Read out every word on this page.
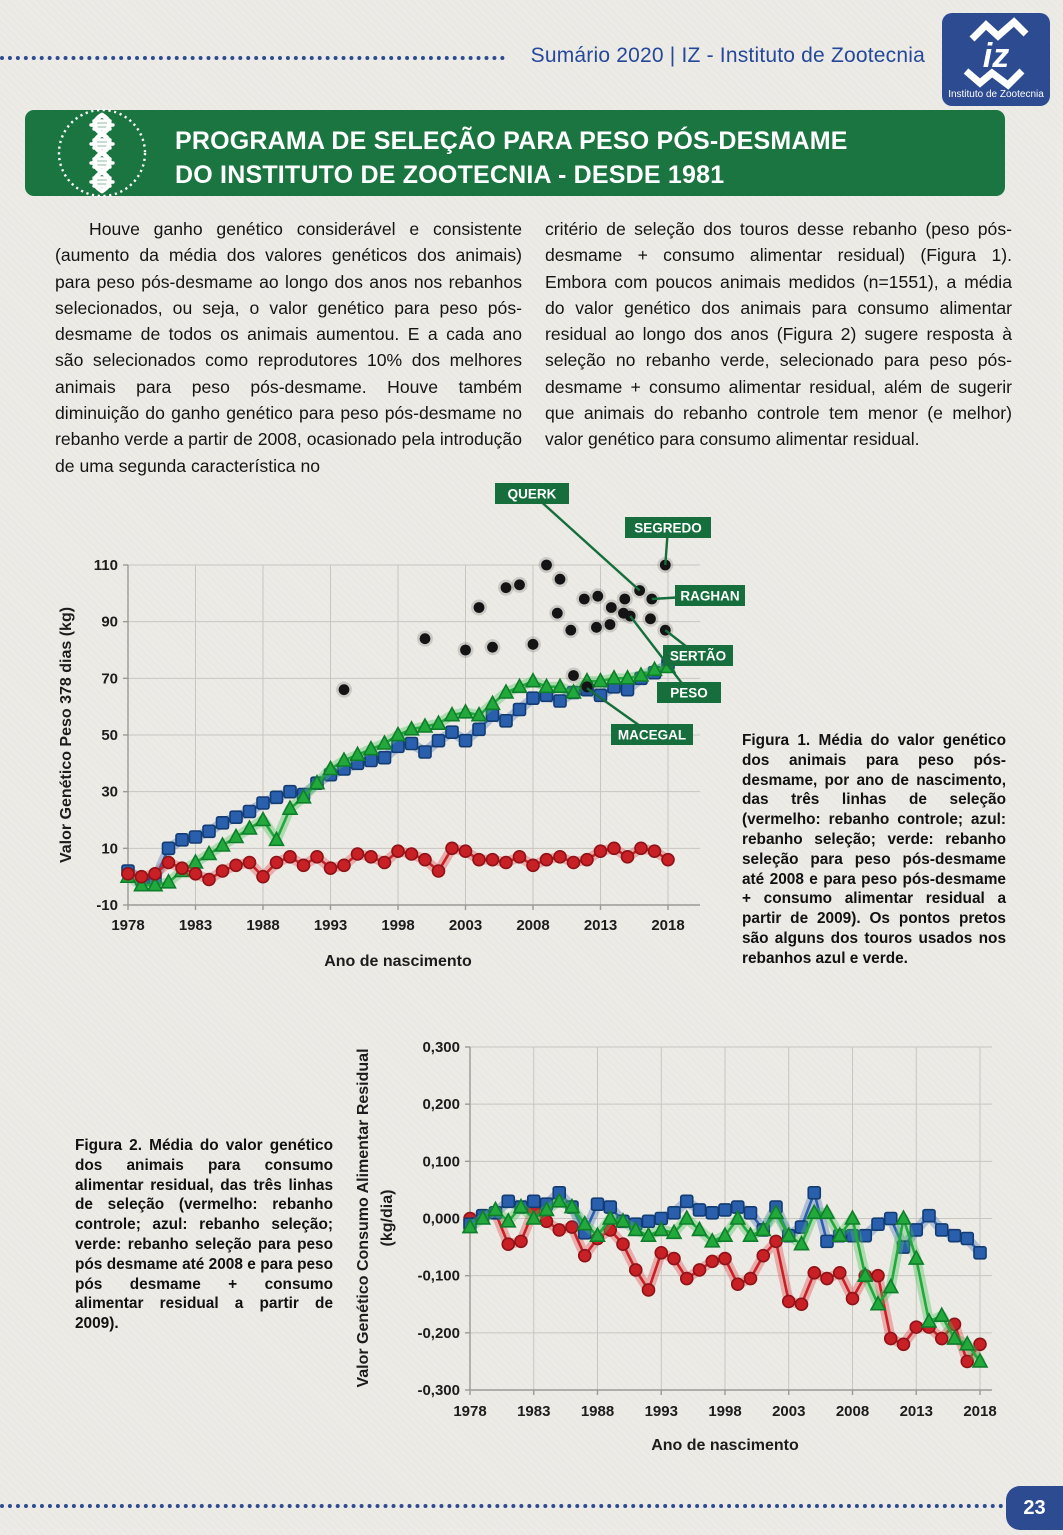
Sumário 2020 | IZ - Instituto de Zootecnia iz
Instituto de Zootecnia
PROGRAMA DE SELEÇÃO PARA PESO PÓS-DESMAME
DO INSTITUTO DE ZOOTECNIA - DESDE 1981
Houve ganho genético considerável e consistente (aumento da média dos valores genéticos dos animais) para peso pós-desmame ao longo dos anos nos rebanhos selecionados, ou seja, o valor genético para peso pós-desmame de todos os animais aumentou. E a cada ano são selecionados como reprodutores 10% dos melhores animais para peso pós-desmame. Houve também diminuição do ganho genético para peso pós-desmame no rebanho verde a partir de 2008, ocasionado pela introdução de uma segunda característica no
critério de seleção dos touros desse rebanho (peso pós-desmame + consumo alimentar residual) (Figura 1). Embora com poucos animais medidos (n=1551), a média do valor genético dos animais para consumo alimentar residual ao longo dos anos (Figura 2) sugere resposta à seleção no rebanho verde, selecionado para peso pós-desmame + consumo alimentar residual, além de sugerir que animais do rebanho controle tem menor (e melhor) valor genético para consumo alimentar residual.
-10
10
30
50
70
90
110
1978 1983 1988 1993 1998 2003 2008 2013 2018
Ano de nascimento
Valor Genético Peso 378 dias (kg)
QUERK
SEGREDO
RAGHAN
SERTÃO
PESO
MACEGAL	Figura 1. Média do valor genético dos animais para peso pós-desmame, por ano de nascimento, das três linhas de seleção (vermelho: rebanho controle; azul: rebanho seleção; verde: rebanho seleção para peso pós-desmame até 2008 e para peso pós-desmame + consumo alimentar residual a partir de 2009). Os pontos pretos são alguns dos touros usados nos rebanhos azul e verde.
0,300
0,200
0,100
0,000
-0,100
-0,200
-0,300
1978 1983 1988 1993 1998 2003 2008 2013 2018
Ano de nascimento
Valor Genético Consumo Alimentar Residual (kg/dia)
Figura 2. Média do valor genético dos animais para consumo alimentar residual, das três linhas de seleção (vermelho: rebanho controle; azul: rebanho seleção; verde: rebanho seleção para peso pós desmame até 2008 e para peso pós desmame + consumo alimentar residual a partir de 2009).
23
